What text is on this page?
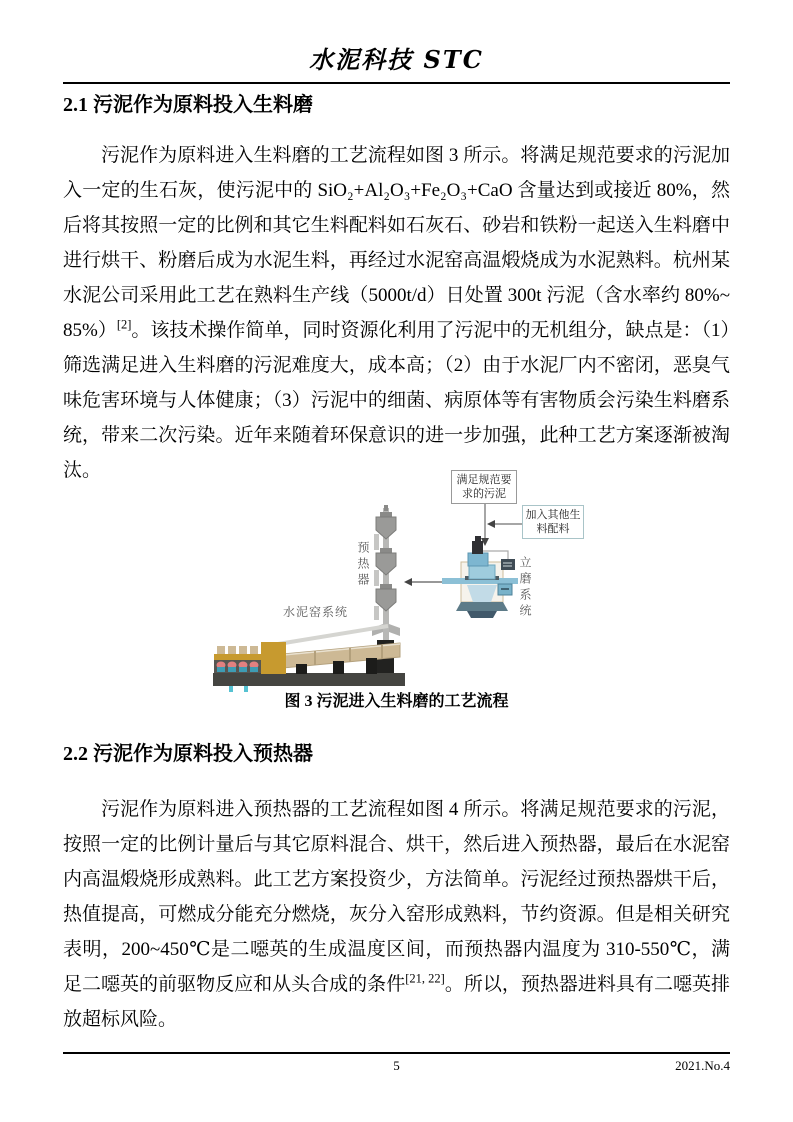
水泥科技 STC
2.1 污泥作为原料投入生料磨
污泥作为原料进入生料磨的工艺流程如图 3 所示。将满足规范要求的污泥加入一定的生石灰，使污泥中的 SiO₂+Al₂O₃+Fe₂O₃+CaO 含量达到或接近 80%，然后将其按照一定的比例和其它生料配料如石灰石、砂岩和铁粉一起送入生料磨中进行烘干、粉磨后成为水泥生料，再经过水泥窑高温煅烧成为水泥熟料。杭州某水泥公司采用此工艺在熟料生产线（5000t/d）日处置 300t 污泥（含水率约 80%~85%）[2]。该技术操作简单，同时资源化利用了污泥中的无机组分，缺点是：（1）筛选满足进入生料磨的污泥难度大，成本高；（2）由于水泥厂内不密闭，恶臭气味危害环境与人体健康；（3）污泥中的细菌、病原体等有害物质会污染生料磨系统，带来二次污染。近年来随着环保意识的进一步加强，此种工艺方案逐渐被淘汰。	满足规范要求的污泥
加入其他生料配料
预热器	立磨系统
水泥窑系统
图 3 污泥进入生料磨的工艺流程
2.2 污泥作为原料投入预热器
污泥作为原料进入预热器的工艺流程如图 4 所示。将满足规范要求的污泥，按照一定的比例计量后与其它原料混合、烘干，然后进入预热器，最后在水泥窑内高温煅烧形成熟料。此工艺方案投资少，方法简单。污泥经过预热器烘干后，热值提高，可燃成分能充分燃烧，灰分入窑形成熟料，节约资源。但是相关研究表明，200~450℃是二噁英的生成温度区间，而预热器内温度为 310-550℃，满足二噁英的前驱物反应和从头合成的条件[21, 22]。所以，预热器进料具有二噁英排放超标风险。
5	2021.No.4
